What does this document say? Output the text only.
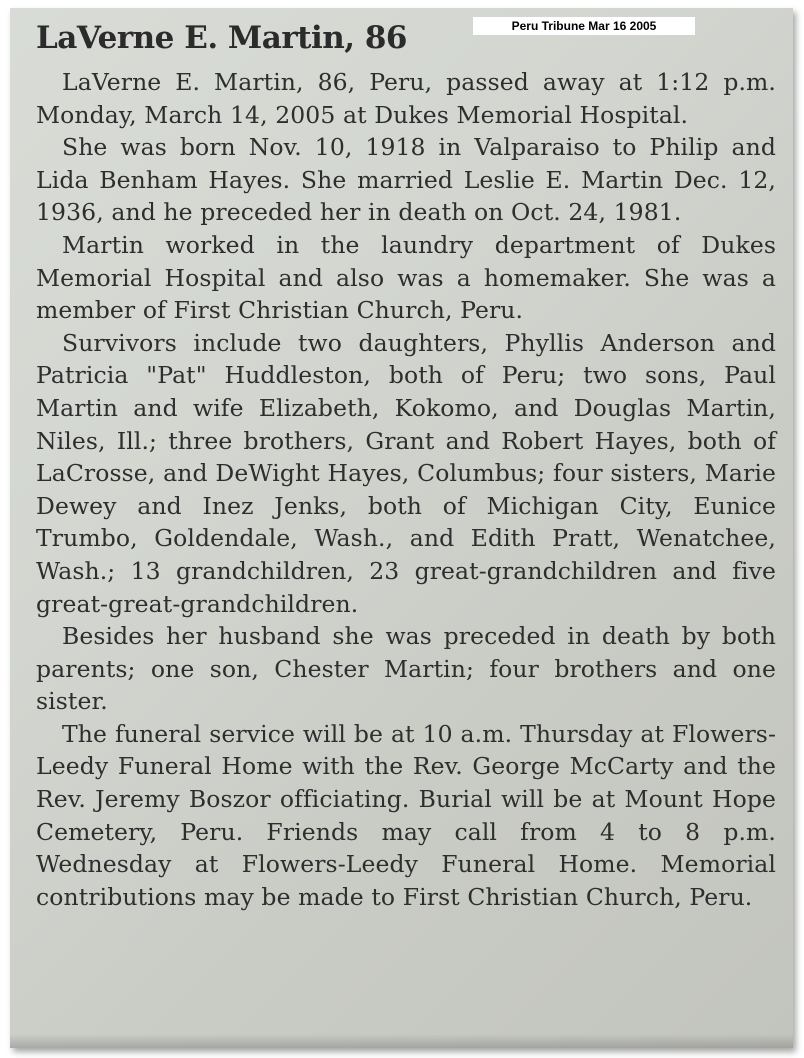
LaVerne E. Martin, 86

LaVerne E. Martin, 86, Peru, passed away at 1:12 p.m. Monday, March 14, 2005 at Dukes Memorial Hospital.

She was born Nov. 10, 1918 in Valparaiso to Philip and Lida Benham Hayes. She married Leslie E. Martin Dec. 12, 1936, and he preceded her in death on Oct. 24, 1981.

Martin worked in the laundry department of Dukes Memorial Hospital and also was a homemaker. She was a member of First Christian Church, Peru.

Survivors include two daughters, Phyllis Anderson and Patricia "Pat" Huddleston, both of Peru; two sons, Paul Martin and wife Elizabeth, Kokomo, and Douglas Martin, Niles, Ill.; three brothers, Grant and Robert Hayes, both of LaCrosse, and DeWight Hayes, Columbus; four sisters, Marie Dewey and Inez Jenks, both of Michigan City, Eunice Trumbo, Goldendale, Wash., and Edith Pratt, Wenatchee, Wash.; 13 grandchildren, 23 great-grandchildren and five great-great-grandchildren.

Besides her husband she was preceded in death by both parents; one son, Chester Martin; four brothers and one sister.

The funeral service will be at 10 a.m. Thursday at Flowers-Leedy Funeral Home with the Rev. George McCarty and the Rev. Jeremy Boszor officiating. Burial will be at Mount Hope Cemetery, Peru. Friends may call from 4 to 8 p.m. Wednesday at Flowers-Leedy Funeral Home. Memorial contributions may be made to First Christian Church, Peru.

Peru Tribune Mar 16 2005
